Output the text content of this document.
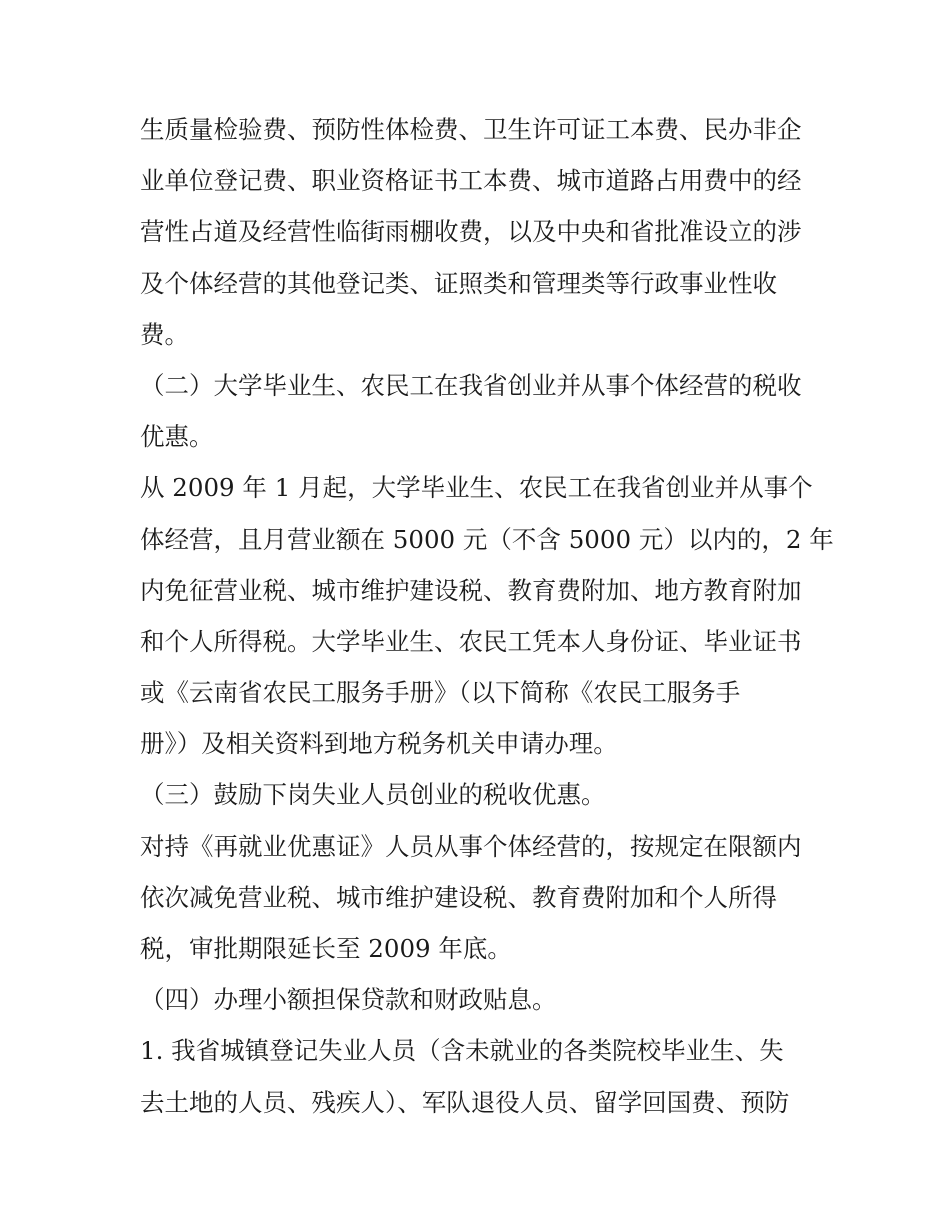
生质量检验费、预防性体检费、卫生许可证工本费、民办非企
业单位登记费、职业资格证书工本费、城市道路占用费中的经
营性占道及经营性临街雨棚收费，以及中央和省批准设立的涉
及个体经营的其他登记类、证照类和管理类等行政事业性收
费。
（二）大学毕业生、农民工在我省创业并从事个体经营的税收
优惠。
从 2009 年 1 月起，大学毕业生、农民工在我省创业并从事个
体经营，且月营业额在 5000 元（不含 5000 元）以内的，2 年
内免征营业税、城市维护建设税、教育费附加、地方教育附加
和个人所得税。大学毕业生、农民工凭本人身份证、毕业证书
或《云南省农民工服务手册》（以下简称《农民工服务手
册》）及相关资料到地方税务机关申请办理。
（三）鼓励下岗失业人员创业的税收优惠。
对持《再就业优惠证》人员从事个体经营的，按规定在限额内
依次减免营业税、城市维护建设税、教育费附加和个人所得
税，审批期限延长至 2009 年底。
（四）办理小额担保贷款和财政贴息。
1. 我省城镇登记失业人员（含未就业的各类院校毕业生、失
去土地的人员、残疾人）、军队退役人员、留学回国费、预防
